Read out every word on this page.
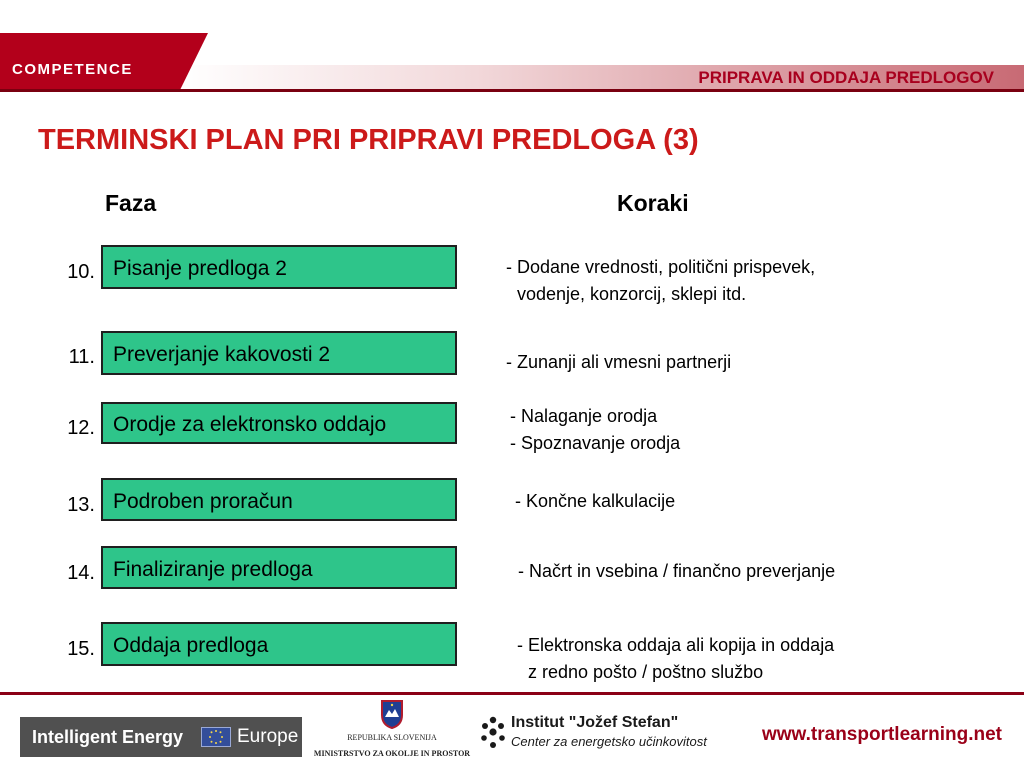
COMPETENCE	PRIPRAVA IN ODDAJA PREDLOGOV
TERMINSKI PLAN PRI PRIPRAVI PREDLOGA (3)
Faza	Koraki
10. Pisanje predloga 2	- Dodane vrednosti, politični prispevek,
vodenje, konzorcij, sklepi itd.
11. Preverjanje kakovosti 2	- Zunanji ali vmesni partnerji
12. Orodje za elektronsko oddajo	- Nalaganje orodja
- Spoznavanje orodja
13. Podroben proračun	- Končne kalkulacije
14. Finaliziranje predloga	- Načrt in vsebina / finančno preverjanje
15. Oddaja predloga	- Elektronska oddaja ali kopija in oddaja
z redno pošto / poštno službo
Intelligent Energy	Europe	REPUBLIKA SLOVENIJA
MINISTRSTVO ZA OKOLJE IN PROSTOR
Institut "Jožef Stefan"
Center za energetsko učinkovitost	www.transportlearning.net
